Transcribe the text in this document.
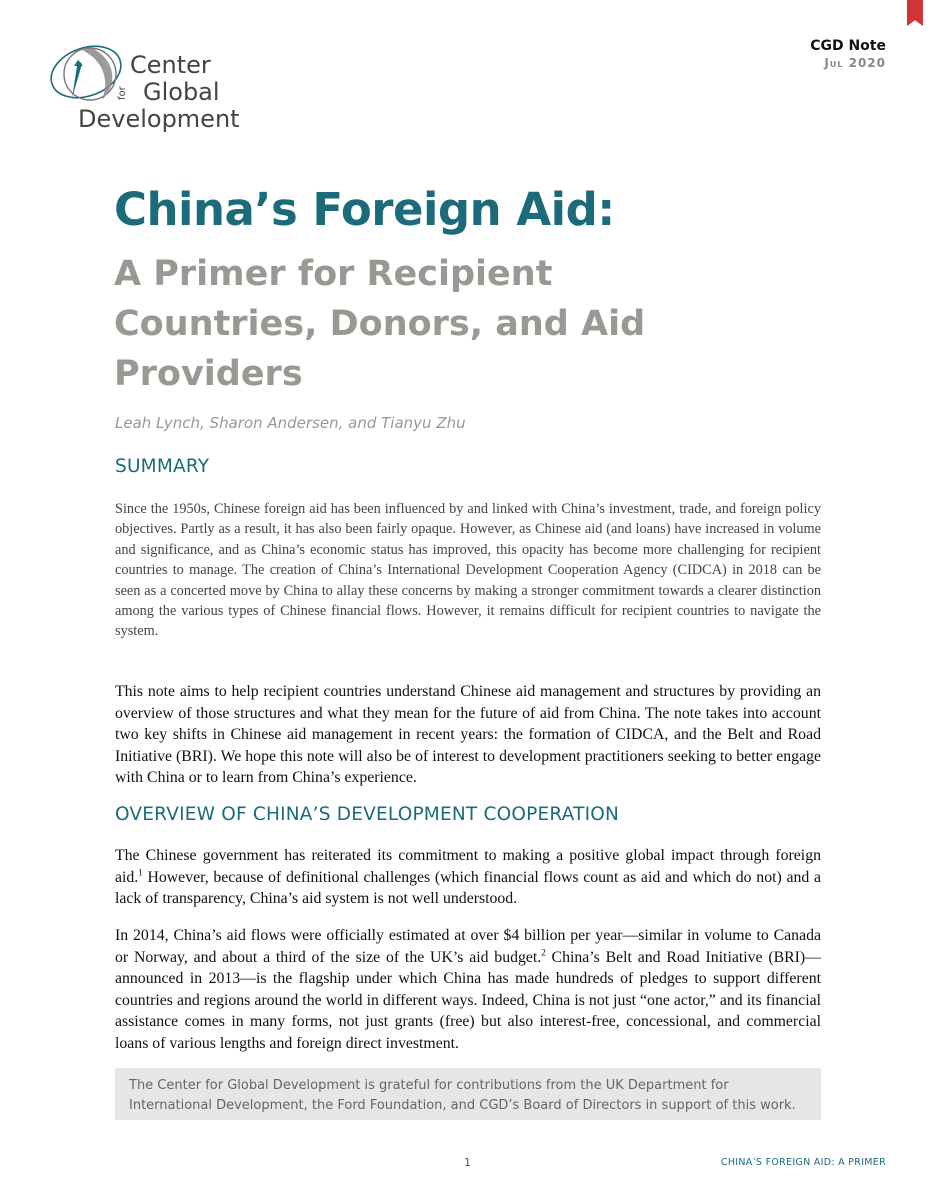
Center
for Global
Development
CGD Note
Jul 2020
China’s Foreign Aid:
A Primer for Recipient Countries, Donors, and Aid Providers
Leah Lynch, Sharon Andersen, and Tianyu Zhu
SUMMARY

Since the 1950s, Chinese foreign aid has been influenced by and linked with China’s investment, trade, and foreign policy objectives. Partly as a result, it has also been fairly opaque. However, as Chinese aid (and loans) have increased in volume and significance, and as China’s economic status has improved, this opacity has become more challenging for recipient countries to manage. The creation of China’s International Development Cooperation Agency (CIDCA) in 2018 can be seen as a concerted move by China to allay these concerns by making a stronger commitment towards a clearer distinction among the various types of Chinese financial flows. However, it remains difficult for recipient countries to navigate the system.

This note aims to help recipient countries understand Chinese aid management and structures by providing an overview of those structures and what they mean for the future of aid from China. The note takes into account two key shifts in Chinese aid management in recent years: the formation of CIDCA, and the Belt and Road Initiative (BRI). We hope this note will also be of interest to development practitioners seeking to better engage with China or to learn from China’s experience.

OVERVIEW OF CHINA’S DEVELOPMENT COOPERATION

The Chinese government has reiterated its commitment to making a positive global impact through foreign aid.$^1$ However, because of definitional challenges (which financial flows count as aid and which do not) and a lack of transparency, China’s aid system is not well understood.

In 2014, China’s aid flows were officially estimated at over $4 billion per year—similar in volume to Canada or Norway, and about a third of the size of the UK’s aid budget.$^2$ China’s Belt and Road Initiative (BRI)—announced in 2013—is the flagship under which China has made hundreds of pledges to support different countries and regions around the world in different ways. Indeed, China is not just “one actor,” and its financial assistance comes in many forms, not just grants (free) but also interest-free, concessional, and commercial loans of various lengths and foreign direct investment.

The Center for Global Development is grateful for contributions from the UK Department for International Development, the Ford Foundation, and CGD’s Board of Directors in support of this work.
1	CHINA’S FOREIGN AID: A PRIMER
